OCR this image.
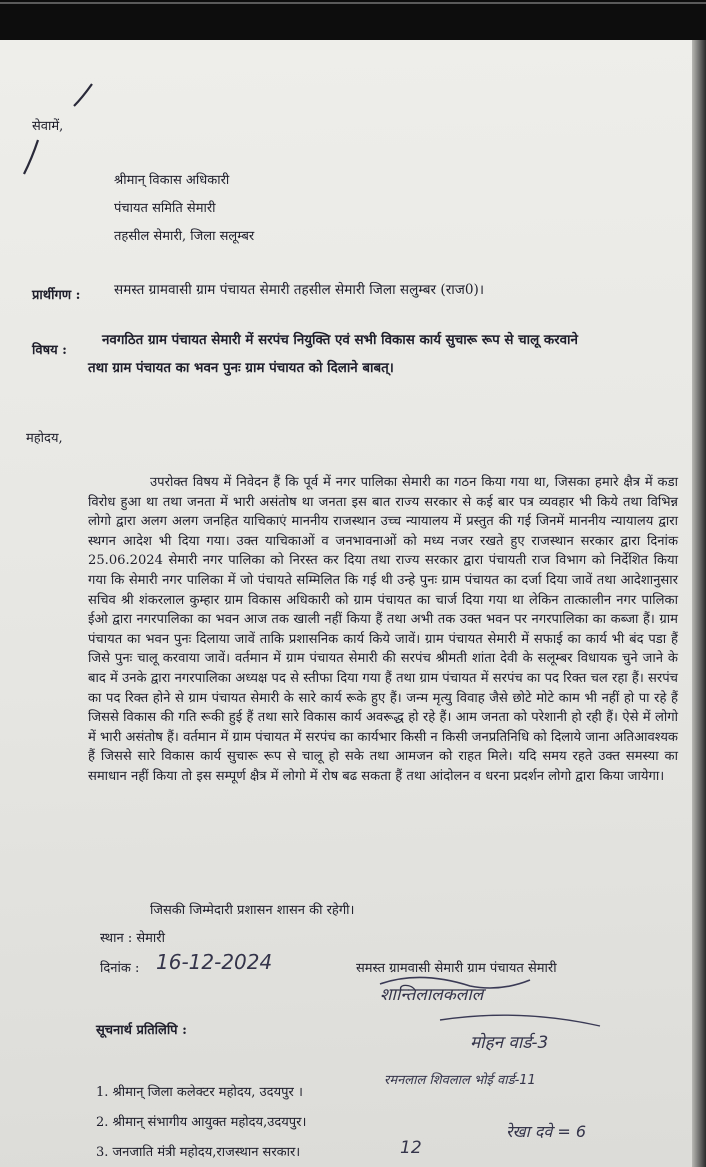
सेवामें,
श्रीमान् विकास अधिकारी
पंचायत समिति सेमारी
तहसील सेमारी, जिला सलूम्बर
प्रार्थीगण : समस्त ग्रामवासी ग्राम पंचायत सेमारी तहसील सेमारी जिला सलुम्बर (राज0)।
विषय :
नवगठित ग्राम पंचायत सेमारी में सरपंच नियुक्ति एवं सभी विकास कार्य सुचारू रूप से चालू करवाने
तथा ग्राम पंचायत का भवन पुनः ग्राम पंचायत को दिलाने बाबत्।
महोदय,

उपरोक्त विषय में निवेदन हैं कि पूर्व में नगर पालिका सेमारी का गठन किया गया था, जिसका हमारे क्षैत्र में कडा विरोध हुआ था तथा जनता में भारी असंतोष था जनता इस बात राज्य सरकार से कई बार पत्र व्यवहार भी किये तथा विभिन्न लोगो द्वारा अलग अलग जनहित याचिकाएं माननीय राजस्थान उच्च न्यायालय में प्रस्तुत की गई जिनमें माननीय न्यायालय द्वारा स्थगन आदेश भी दिया गया। उक्त याचिकाओं व जनभावनाओं को मध्य नजर रखते हुए राजस्थान सरकार द्वारा दिनांक 25.06.2024 सेमारी नगर पालिका को निरस्त कर दिया तथा राज्य सरकार द्वारा पंचायती राज विभाग को निर्देशित किया गया कि सेमारी नगर पालिका में जो पंचायते सम्मिलित कि गई थी उन्हे पुनः ग्राम पंचायत का दर्जा दिया जावें तथा आदेशानुसार सचिव श्री शंकरलाल कुम्हार ग्राम विकास अधिकारी को ग्राम पंचायत का चार्ज दिया गया था लेकिन तात्कालीन नगर पालिका ईओ द्वारा नगरपालिका का भवन आज तक खाली नहीं किया हैं तथा अभी तक उक्त भवन पर नगरपालिका का कब्जा हैं। ग्राम पंचायत का भवन पुनः दिलाया जावें ताकि प्रशासनिक कार्य किये जावें। ग्राम पंचायत सेमारी में सफाई का कार्य भी बंद पडा हैं जिसे पुनः चालू करवाया जावें। वर्तमान में ग्राम पंचायत सेमारी की सरपंच श्रीमती शांता देवी के सलूम्बर विधायक चुने जाने के बाद में उनके द्वारा नगरपालिका अध्यक्ष पद से स्तीफा दिया गया हैं तथा ग्राम पंचायत में सरपंच का पद रिक्त चल रहा हैं। सरपंच का पद रिक्त होने से ग्राम पंचायत सेमारी के सारे कार्य रूके हुए हैं। जन्म मृत्यु विवाह जैसे छोटे मोटे काम भी नहीं हो पा रहे हैं जिससे विकास की गति रूकी हुई हैं तथा सारे विकास कार्य अवरूद्ध हो रहे हैं। आम जनता को परेशानी हो रही हैं। ऐसे में लोगो में भारी असंतोष हैं। वर्तमान में ग्राम पंचायत में सरपंच का कार्यभार किसी न किसी जनप्रतिनिधि को दिलाये जाना अतिआवश्यक हैं जिससे सारे विकास कार्य सुचारू रूप से चालू हो सके तथा आमजन को राहत मिले। यदि समय रहते उक्त समस्या का समाधान नहीं किया तो इस सम्पूर्ण क्षैत्र में लोगो में रोष बढ सकता हैं तथा आंदोलन व धरना प्रदर्शन लोगो द्वारा किया जायेगा।

जिसकी जिम्मेदारी प्रशासन शासन की रहेगी।
स्थान : सेमारी
दिनांक : 16-12-2024	समस्त ग्रामवासी सेमारी ग्राम पंचायत सेमारी
शान्तिलालकलाल
सूचनार्थ प्रतिलिपि :
मोहन वार्ड-3
1. श्रीमान् जिला कलेक्टर महोदय, उदयपुर ।
2. श्रीमान् संभागीय आयुक्त महोदय,उदयपुर।
3. जनजाति मंत्री महोदय,राजस्थान सरकार।
रमनलाल शिवलाल भोई वार्ड-11
रेखा दवे = 6
12
